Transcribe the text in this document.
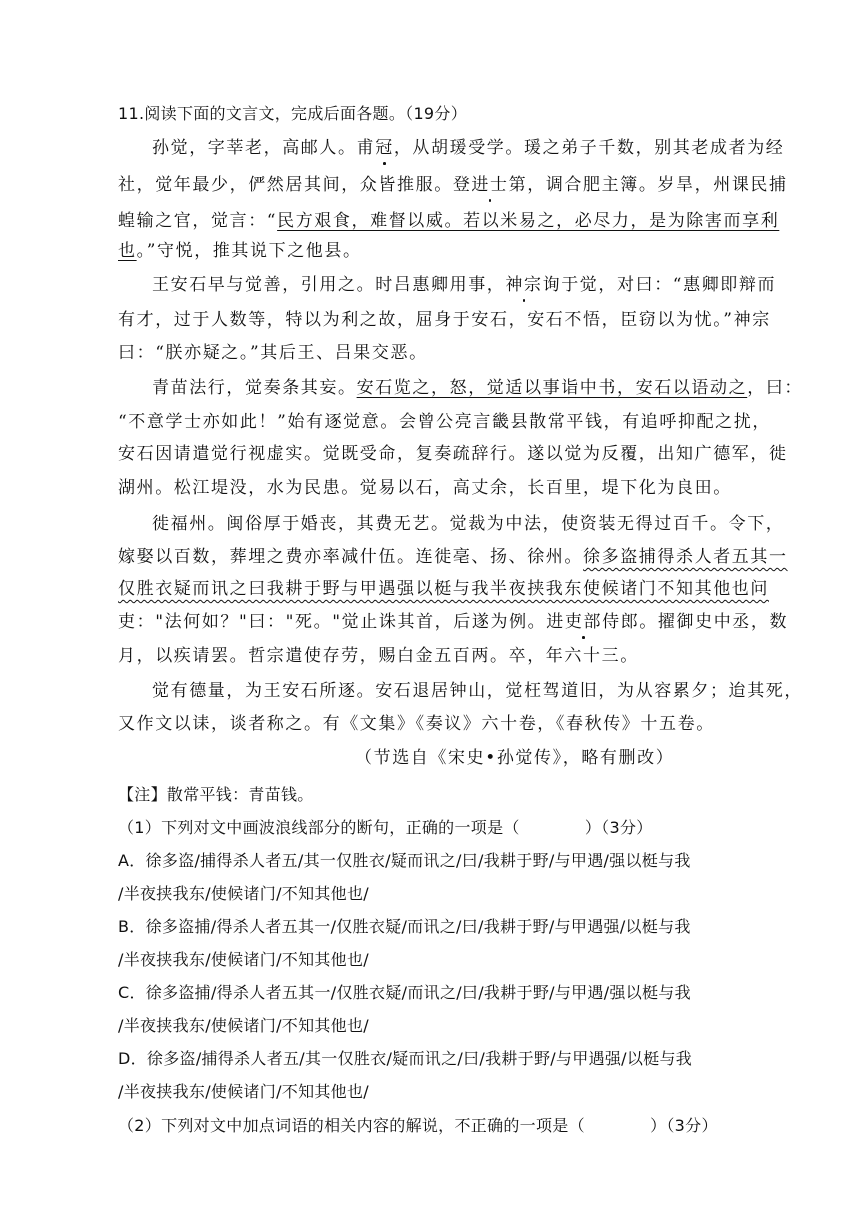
11.阅读下面的文言文，完成后面各题。（19分）
孙觉，字莘老，高邮人。甫冠，从胡瑗受学。瑗之弟子千数，别其老成者为经
社，觉年最少，俨然居其间，众皆推服。登进士第，调合肥主簿。岁旱，州课民捕
蝗输之官，觉言：“民方艰食，难督以威。若以米易之，必尽力，是为除害而享利
也。”守悦，推其说下之他县。
王安石早与觉善，引用之。时吕惠卿用事，神宗询于觉，对曰：“惠卿即辩而
有才，过于人数等，特以为利之故，屈身于安石，安石不悟，臣窃以为忧。”神宗
曰：“朕亦疑之。”其后王、吕果交恶。
青苗法行，觉奏条其妄。安石览之，怒，觉适以事诣中书，安石以语动之，曰：
“不意学士亦如此！”始有逐觉意。会曾公亮言畿县散常平钱，有追呼抑配之扰，
安石因请遣觉行视虚实。觉既受命，复奏疏辞行。遂以觉为反覆，出知广德军，徙
湖州。松江堤没，水为民患。觉易以石，高丈余，长百里，堤下化为良田。
徙福州。闽俗厚于婚丧，其费无艺。觉裁为中法，使资装无得过百千。令下，
嫁娶以百数，葬埋之费亦率减什伍。连徙亳、扬、徐州。徐多盗捕得杀人者五其一
仅胜衣疑而讯之曰我耕于野与甲遇强以梃与我半夜挟我东使候诸门不知其他也问
吏："法何如？"曰："死。"觉止诛其首，后遂为例。进吏部侍郎。擢御史中丞，数
月，以疾请罢。哲宗遣使存劳，赐白金五百两。卒，年六十三。
觉有德量，为王安石所逐。安石退居钟山，觉枉驾道旧，为从容累夕；迨其死，
又作文以诔，谈者称之。有《文集》《奏议》六十卷，《春秋传》十五卷。
（节选自《宋史•孙觉传》，略有删改）
【注】散常平钱：青苗钱。
（1）下列对文中画波浪线部分的断句，正确的一项是（　　　　）（3分）
A．徐多盗/捕得杀人者五/其一仅胜衣/疑而讯之/曰/我耕于野/与甲遇/强以梃与我
/半夜挟我东/使候诸门/不知其他也/
B．徐多盗捕/得杀人者五其一/仅胜衣疑/而讯之/曰/我耕于野/与甲遇强/以梃与我
/半夜挟我东/使候诸门/不知其他也/
C．徐多盗捕/得杀人者五其一/仅胜衣疑/而讯之/曰/我耕于野/与甲遇/强以梃与我
/半夜挟我东/使候诸门/不知其他也/
D．徐多盗/捕得杀人者五/其一仅胜衣/疑而讯之/曰/我耕于野/与甲遇强/以梃与我
/半夜挟我东/使候诸门/不知其他也/
（2）下列对文中加点词语的相关内容的解说，不正确的一项是（　　　　）（3分）
